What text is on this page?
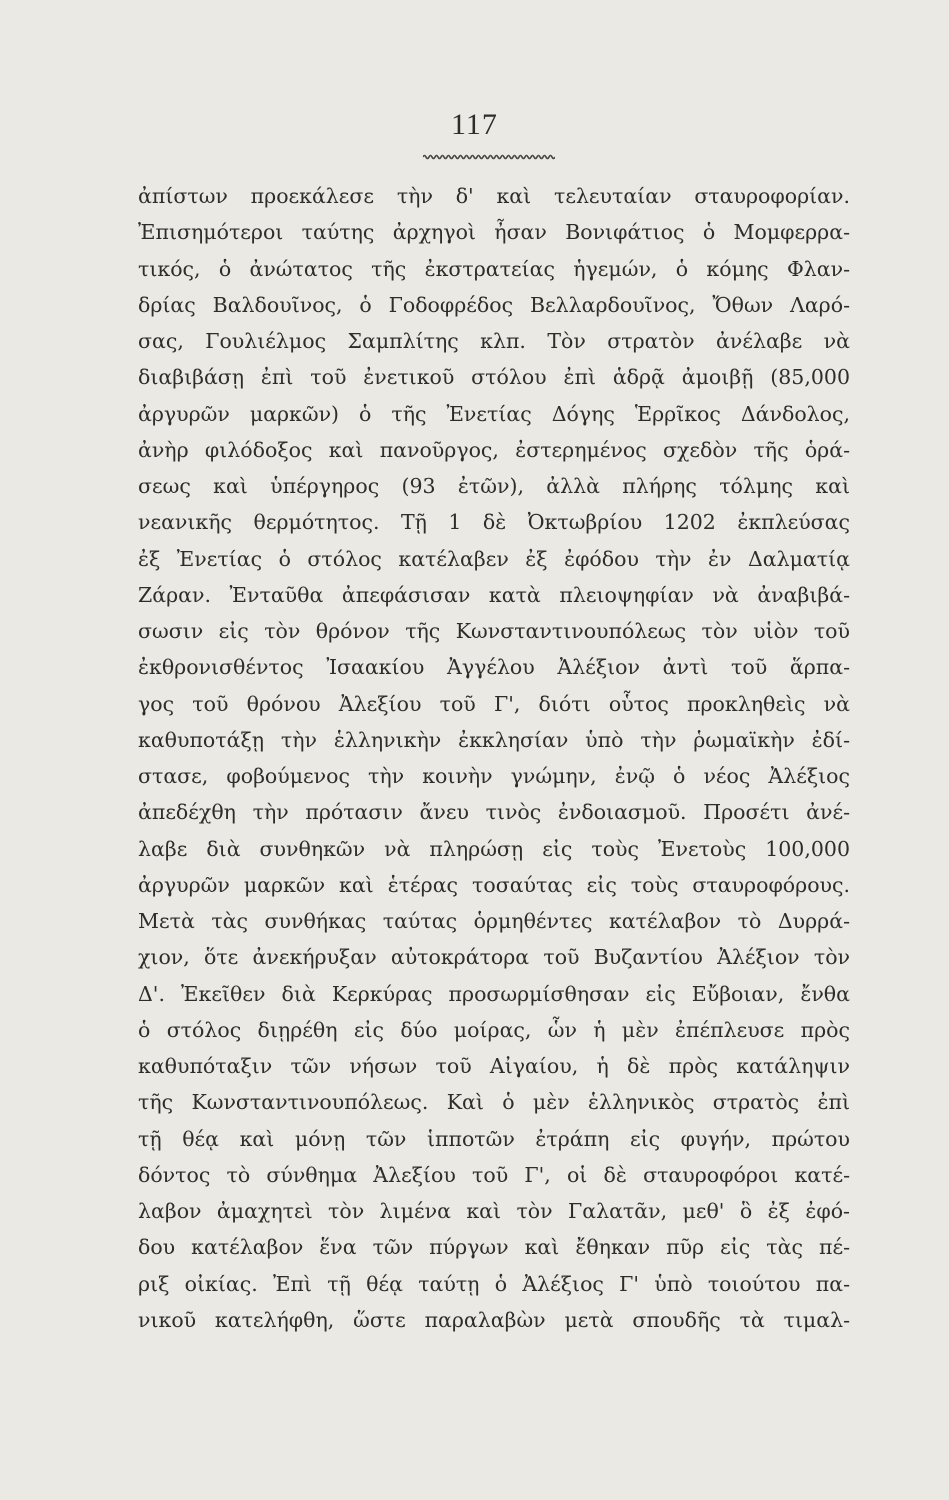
117
ἀπίστων προεκάλεσε τὴν δ' καὶ τελευταίαν σταυροφορίαν.
Ἐπισημότεροι ταύτης ἀρχηγοὶ ἦσαν Βονιφάτιος ὁ Μομφερρα-
τικός, ὁ ἀνώτατος τῆς ἐκστρατείας ἡγεμών, ὁ κόμης Φλαν-
δρίας Βαλδουῖνος, ὁ Γοδοφρέδος Βελλαρδουῖνος, Ὄθων Λαρό-
σας, Γουλιέλμος Σαμπλίτης κλπ. Τὸν στρατὸν ἀνέλαβε νὰ
διαβιβάσῃ ἐπὶ τοῦ ἐνετικοῦ στόλου ἐπὶ ἁδρᾷ ἀμοιβῇ (85,000
ἀργυρῶν μαρκῶν) ὁ τῆς Ἐνετίας Δόγης Ἑρρῖκος Δάνδολος,
ἀνὴρ φιλόδοξος καὶ πανοῦργος, ἐστερημένος σχεδὸν τῆς ὁρά-
σεως καὶ ὑπέργηρος (93 ἐτῶν), ἀλλὰ πλήρης τόλμης καὶ
νεανικῆς θερμότητος. Τῇ 1 δὲ Ὀκτωβρίου 1202 ἐκπλεύσας
ἐξ Ἐνετίας ὁ στόλος κατέλαβεν ἐξ ἐφόδου τὴν ἐν Δαλματίᾳ
Ζάραν. Ἐνταῦθα ἀπεφάσισαν κατὰ πλειοψηφίαν νὰ ἀναβιβά-
σωσιν εἰς τὸν θρόνον τῆς Κωνσταντινουπόλεως τὸν υἱὸν τοῦ
ἐκθρονισθέντος Ἰσαακίου Ἀγγέλου Ἀλέξιον ἀντὶ τοῦ ἅρπα-
γος τοῦ θρόνου Ἀλεξίου τοῦ Γ', διότι οὗτος προκληθεὶς νὰ
καθυποτάξῃ τὴν ἑλληνικὴν ἐκκλησίαν ὑπὸ τὴν ῥωμαϊκὴν ἐδί-
στασε, φοβούμενος τὴν κοινὴν γνώμην, ἐνῷ ὁ νέος Ἀλέξιος
ἀπεδέχθη τὴν πρότασιν ἄνευ τινὸς ἐνδοιασμοῦ. Προσέτι ἀνέ-
λαβε διὰ συνθηκῶν νὰ πληρώσῃ εἰς τοὺς Ἐνετοὺς 100,000
ἀργυρῶν μαρκῶν καὶ ἑτέρας τοσαύτας εἰς τοὺς σταυροφόρους.
Μετὰ τὰς συνθήκας ταύτας ὁρμηθέντες κατέλαβον τὸ Δυρρά-
χιον, ὅτε ἀνεκήρυξαν αὐτοκράτορα τοῦ Βυζαντίου Ἀλέξιον τὸν
Δ'. Ἐκεῖθεν διὰ Κερκύρας προσωρμίσθησαν εἰς Εὔβοιαν, ἔνθα
ὁ στόλος διῃρέθη εἰς δύο μοίρας, ὧν ἡ μὲν ἐπέπλευσε πρὸς
καθυπόταξιν τῶν νήσων τοῦ Αἰγαίου, ἡ δὲ πρὸς κατάληψιν
τῆς Κωνσταντινουπόλεως. Καὶ ὁ μὲν ἑλληνικὸς στρατὸς ἐπὶ
τῇ θέᾳ καὶ μόνῃ τῶν ἱπποτῶν ἐτράπη εἰς φυγήν, πρώτου
δόντος τὸ σύνθημα Ἀλεξίου τοῦ Γ', οἱ δὲ σταυροφόροι κατέ-
λαβον ἀμαχητεὶ τὸν λιμένα καὶ τὸν Γαλατᾶν, μεθ' ὃ ἐξ ἐφό-
δου κατέλαβον ἕνα τῶν πύργων καὶ ἔθηκαν πῦρ εἰς τὰς πέ-
ριξ οἰκίας. Ἐπὶ τῇ θέᾳ ταύτῃ ὁ Ἀλέξιος Γ' ὑπὸ τοιούτου πα-
νικοῦ κατελήφθη, ὥστε παραλαβὼν μετὰ σπουδῆς τὰ τιμαλ-
